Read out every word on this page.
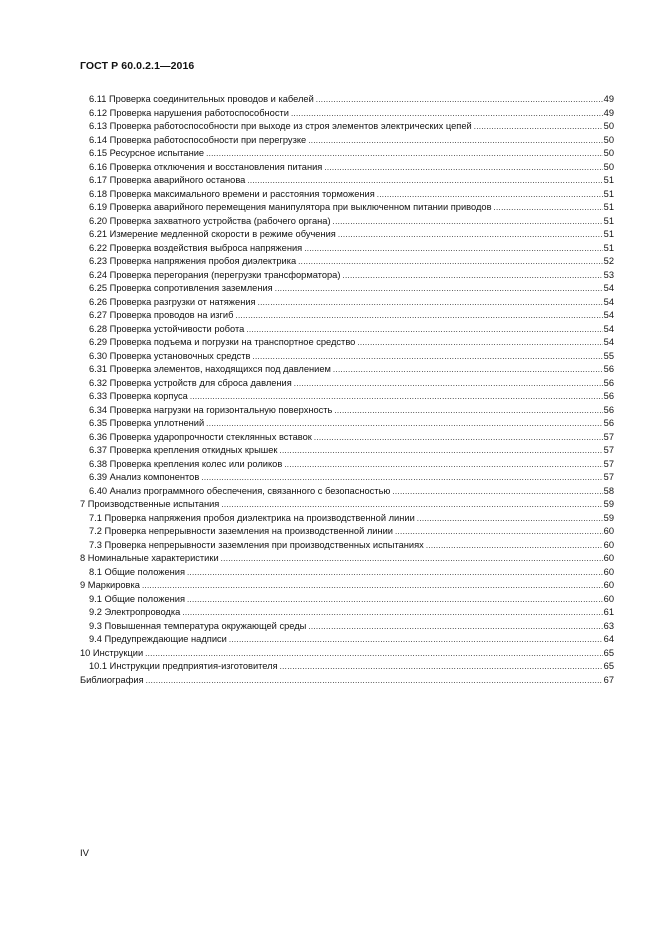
ГОСТ Р 60.0.2.1—2016
6.11 Проверка соединительных проводов и кабелей .....	49
6.12 Проверка нарушения работоспособности .....	49
6.13 Проверка работоспособности при выходе из строя элементов электрических цепей .....	50
6.14 Проверка работоспособности при перегрузке .....	50
6.15 Ресурсное испытание .....	50
6.16 Проверка отключения и восстановления питания .....	50
6.17 Проверка аварийного останова .....	51
6.18 Проверка максимального времени и расстояния торможения .....	51
6.19 Проверка аварийного перемещения манипулятора при выключенном питании приводов .....	51
6.20 Проверка захватного устройства (рабочего органа) .....	51
6.21 Измерение медленной скорости в режиме обучения .....	51
6.22 Проверка воздействия выброса напряжения .....	51
6.23 Проверка напряжения пробоя диэлектрика .....	52
6.24 Проверка перегорания (перегрузки трансформатора) .....	53
6.25 Проверка сопротивления заземления .....	54
6.26 Проверка разгрузки от натяжения .....	54
6.27 Проверка проводов на изгиб .....	54
6.28 Проверка устойчивости робота .....	54
6.29 Проверка подъема и погрузки на транспортное средство .....	54
6.30 Проверка установочных средств .....	55
6.31 Проверка элементов, находящихся под давлением .....	56
6.32 Проверка устройств для сброса давления .....	56
6.33 Проверка корпуса .....	56
6.34 Проверка нагрузки на горизонтальную поверхность .....	56
6.35 Проверка уплотнений .....	56
6.36 Проверка ударопрочности стеклянных вставок .....	57
6.37 Проверка крепления откидных крышек .....	57
6.38 Проверка крепления колес или роликов .....	57
6.39 Анализ компонентов .....	57
6.40 Анализ программного обеспечения, связанного с безопасностью .....	58
7 Производственные испытания .....	59
7.1 Проверка напряжения пробоя диэлектрика на производственной линии .....	59
7.2 Проверка непрерывности заземления на производственной линии .....	60
7.3 Проверка непрерывности заземления при производственных испытаниях .....	60
8 Номинальные характеристики .....	60
8.1 Общие положения .....	60
9 Маркировка .....	60
9.1 Общие положения .....	60
9.2 Электропроводка .....	61
9.3 Повышенная температура окружающей среды .....	63
9.4 Предупреждающие надписи .....	64
10 Инструкции .....	65
10.1 Инструкции предприятия-изготовителя .....	65
Библиография .....	67
IV
